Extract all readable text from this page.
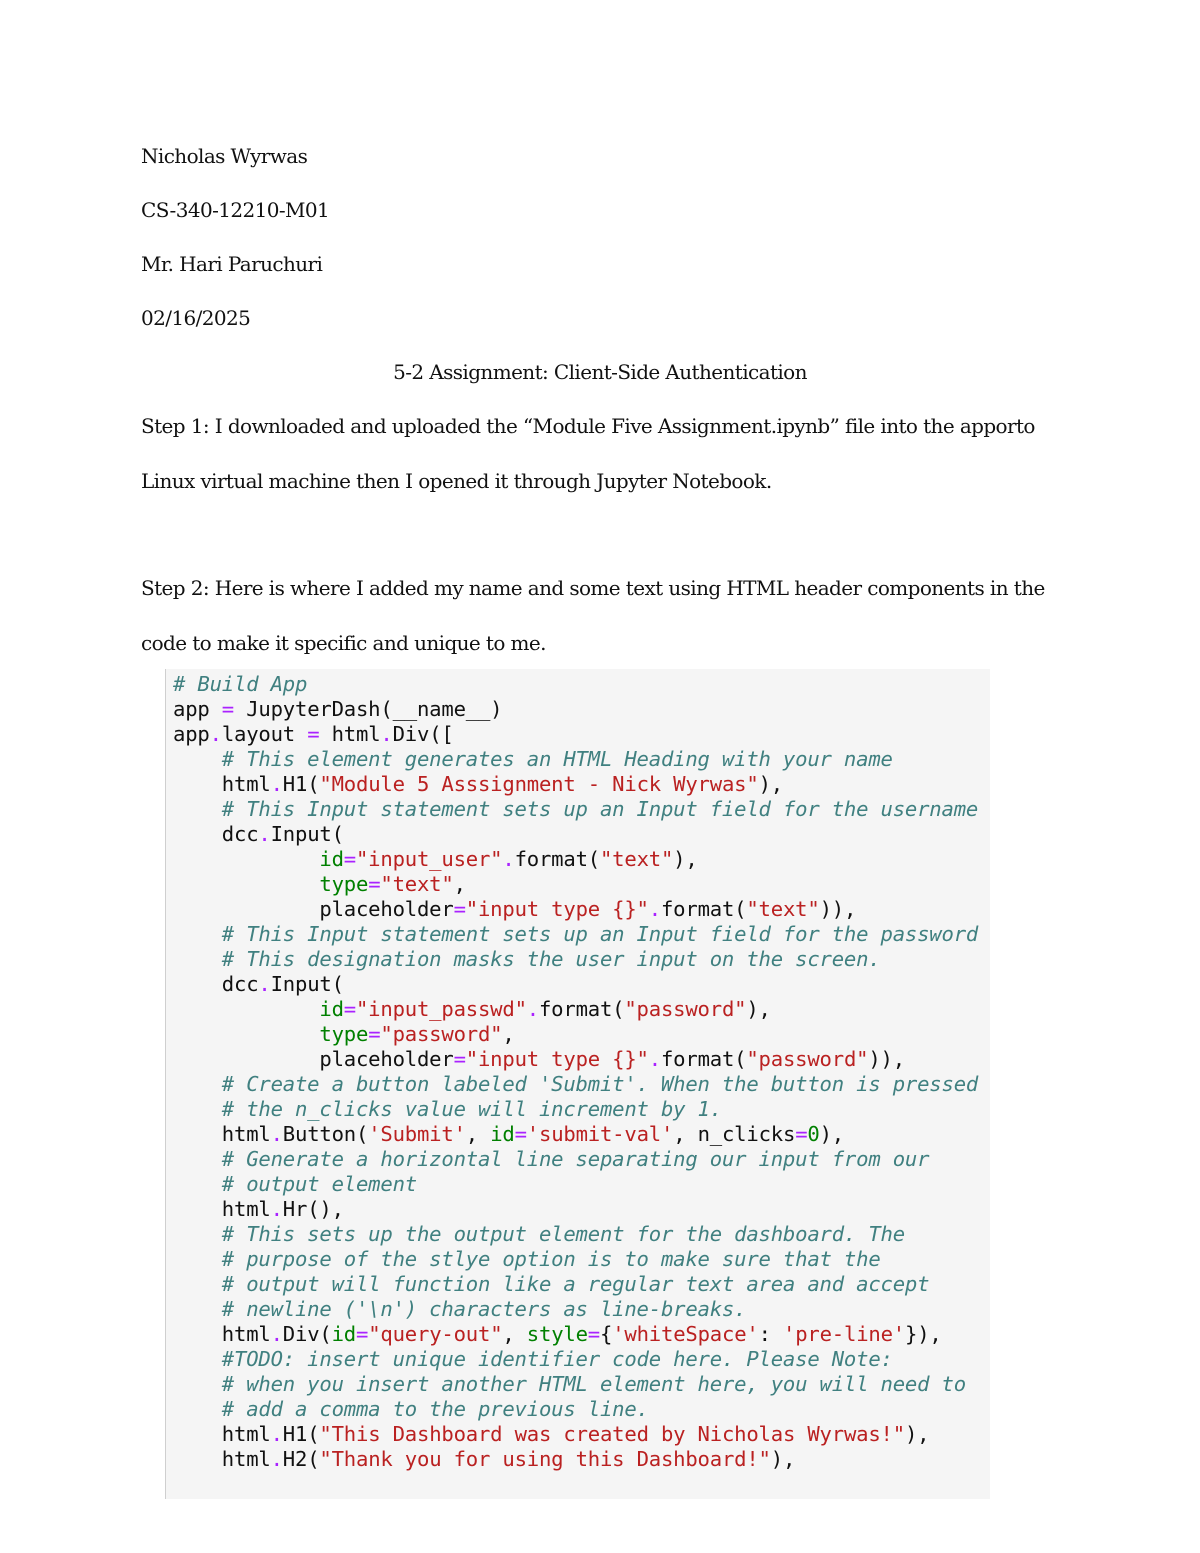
Nicholas Wyrwas
CS-340-12210-M01
Mr. Hari Paruchuri
02/16/2025
5-2 Assignment: Client-Side Authentication
Step 1: I downloaded and uploaded the “Module Five Assignment.ipynb” file into the apporto
Linux virtual machine then I opened it through Jupyter Notebook.
Step 2: Here is where I added my name and some text using HTML header components in the
code to make it specific and unique to me.
# Build App
app = JupyterDash(__name__)
app.layout = html.Div([
# This element generates an HTML Heading with your name
html.H1("Module 5 Asssignment - Nick Wyrwas"),
# This Input statement sets up an Input field for the username
dcc.Input(
id="input_user".format("text"),
type="text",
placeholder="input type {}".format("text")),
# This Input statement sets up an Input field for the password
# This designation masks the user input on the screen.
dcc.Input(
id="input_passwd".format("password"),
type="password",
placeholder="input type {}".format("password")),
# Create a button labeled 'Submit'. When the button is pressed
# the n_clicks value will increment by 1.
html.Button('Submit', id='submit-val', n_clicks=0),
# Generate a horizontal line separating our input from our
# output element
html.Hr(),
# This sets up the output element for the dashboard. The
# purpose of the stlye option is to make sure that the
# output will function like a regular text area and accept
# newline ('\n') characters as line-breaks.
html.Div(id="query-out", style={'whiteSpace': 'pre-line'}),
#TODO: insert unique identifier code here. Please Note:
# when you insert another HTML element here, you will need to
# add a comma to the previous line.
html.H1("This Dashboard was created by Nicholas Wyrwas!"),
html.H2("Thank you for using this Dashboard!"),
